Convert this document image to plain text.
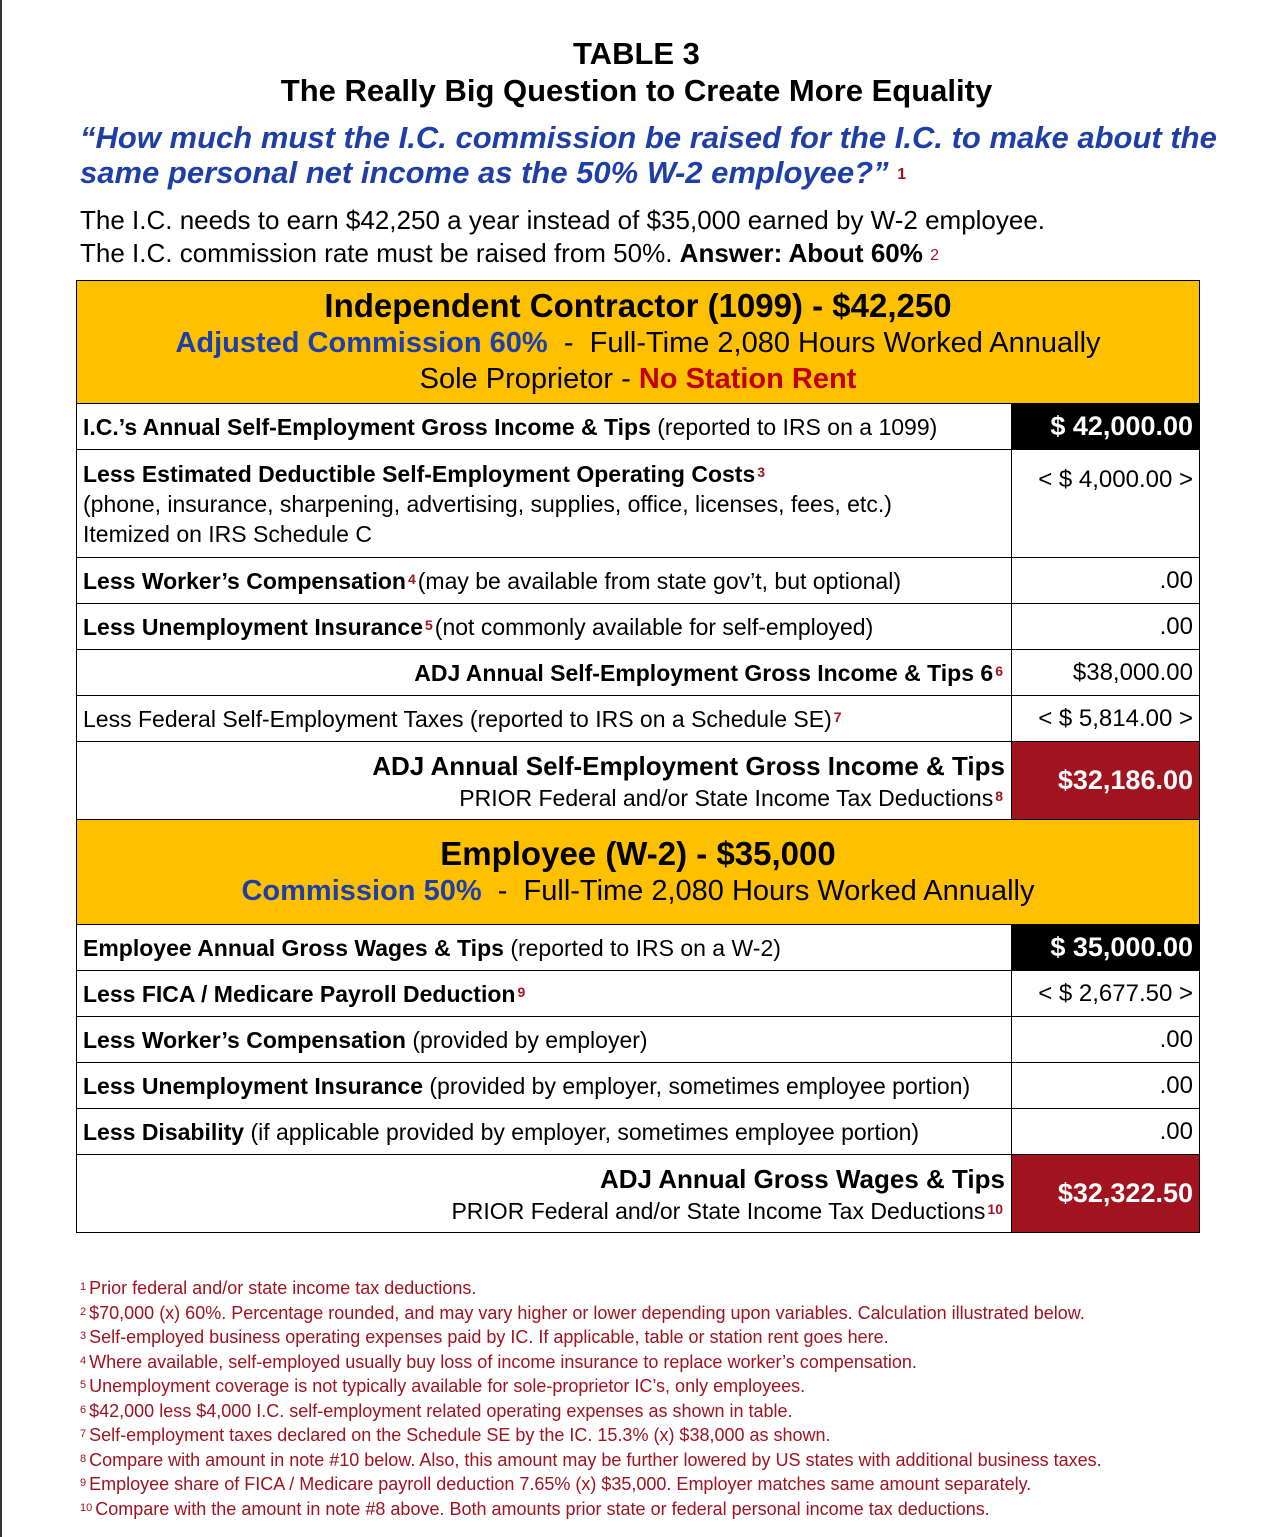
TABLE 3
The Really Big Question to Create More Equality
“How much must the I.C. commission be raised for the I.C. to make about the same personal net income as the 50% W-2 employee?” $^1$
The I.C. needs to earn $42,250 a year instead of $35,000 earned by W-2 employee.
The I.C. commission rate must be raised from 50%. Answer: About 60% $^2$
Independent Contractor (1099) - $42,250
Adjusted Commission 60% - Full-Time 2,080 Hours Worked Annually
Sole Proprietor - No Station Rent	

I.C.’s Annual Self-Employment Gross Income & Tips (reported to IRS on a 1099)	$ 42,000.00

Less Estimated Deductible Self-Employment Operating Costs $^3$
(phone, insurance, sharpening, advertising, supplies, office, licenses, fees, etc.)
Itemized on IRS Schedule C	< $ 4,000.00 >
Less Worker’s Compensation $^4$(may be available from state gov’t, but optional)	.00
Less Unemployment Insurance $^5$(not commonly available for self-employed)	.00
ADJ Annual Self-Employment Gross Income & Tips 6 $^6$	$38,000.00
Less Federal Self-Employment Taxes (reported to IRS on a Schedule SE) $^7$	< $ 5,814.00 >

ADJ Annual Self-Employment Gross Income & Tips
PRIOR Federal and/or State Income Tax Deductions $^8$	$32,186.00

Employee (W-2) - $35,000
Commission 50% - Full-Time 2,080 Hours Worked Annually	

Employee Annual Gross Wages & Tips (reported to IRS on a W-2)	$ 35,000.00
Less FICA / Medicare Payroll Deduction $^9$	< $ 2,677.50 >
Less Worker’s Compensation (provided by employer)	.00
Less Unemployment Insurance (provided by employer, sometimes employee portion)	.00
Less Disability (if applicable provided by employer, sometimes employee portion)	.00

ADJ Annual Gross Wages & Tips
PRIOR Federal and/or State Income Tax Deductions $^{10}$	$32,322.50
$^1$ Prior federal and/or state income tax deductions.
$^2$ $70,000 (x) 60%. Percentage rounded, and may vary higher or lower depending upon variables. Calculation illustrated below.
$^3$ Self-employed business operating expenses paid by IC. If applicable, table or station rent goes here.
$^4$ Where available, self-employed usually buy loss of income insurance to replace worker’s compensation.
$^5$ Unemployment coverage is not typically available for sole-proprietor IC’s, only employees.
$^6$ $42,000 less $4,000 I.C. self-employment related operating expenses as shown in table.
$^7$ Self-employment taxes declared on the Schedule SE by the IC. 15.3% (x) $38,000 as shown.
$^8$ Compare with amount in note #10 below. Also, this amount may be further lowered by US states with additional business taxes.
$^9$ Employee share of FICA / Medicare payroll deduction 7.65% (x) $35,000. Employer matches same amount separately.
$^{10}$ Compare with the amount in note #8 above. Both amounts prior state or federal personal income tax deductions.
